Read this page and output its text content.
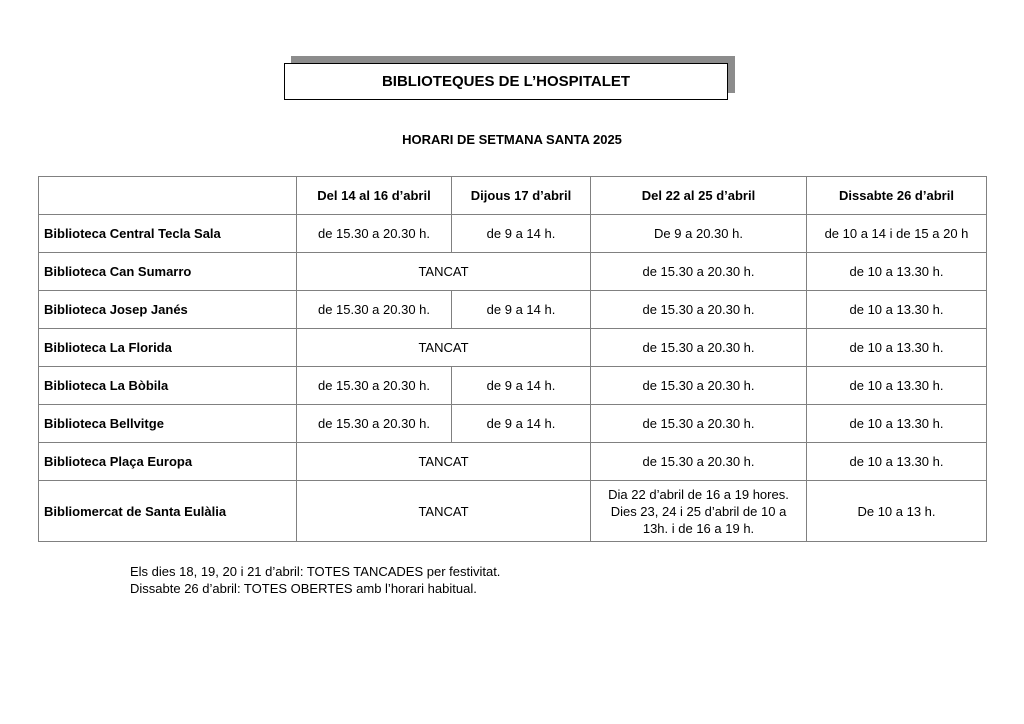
BIBLIOTEQUES DE L’HOSPITALET
HORARI DE SETMANA SANTA 2025
	Del 14 al 16 d’abril	Dijous 17 d’abril	Del 22 al 25 d’abril	Dissabte 26 d’abril
Biblioteca Central Tecla Sala	de 15.30 a 20.30 h.	de 9 a 14 h.	De 9 a 20.30 h.	de 10 a 14 i de 15 a 20 h
Biblioteca Can Sumarro	TANCAT		de 15.30 a 20.30 h.	de 10 a 13.30 h.
Biblioteca Josep Janés	de 15.30 a 20.30 h.	de 9 a 14 h.	de 15.30 a 20.30 h.	de 10 a 13.30 h.
Biblioteca La Florida	TANCAT		de 15.30 a 20.30 h.	de 10 a 13.30 h.
Biblioteca La Bòbila	de 15.30 a 20.30 h.	de 9 a 14 h.	de 15.30 a 20.30 h.	de 10 a 13.30 h.
Biblioteca Bellvitge	de 15.30 a 20.30 h.	de 9 a 14 h.	de 15.30 a 20.30 h.	de 10 a 13.30 h.
Biblioteca Plaça Europa	TANCAT		de 15.30 a 20.30 h.	de 10 a 13.30 h.
Bibliomercat de Santa Eulàlia	TANCAT		Dia 22 d’abril de 16 a 19 hores.
Dies 23, 24 i 25 d’abril de 10 a
13h. i de 16 a 19 h.	De 10 a 13 h.
Els dies 18, 19, 20 i 21 d’abril: TOTES TANCADES per festivitat.
Dissabte 26 d’abril: TOTES OBERTES amb l’horari habitual.
